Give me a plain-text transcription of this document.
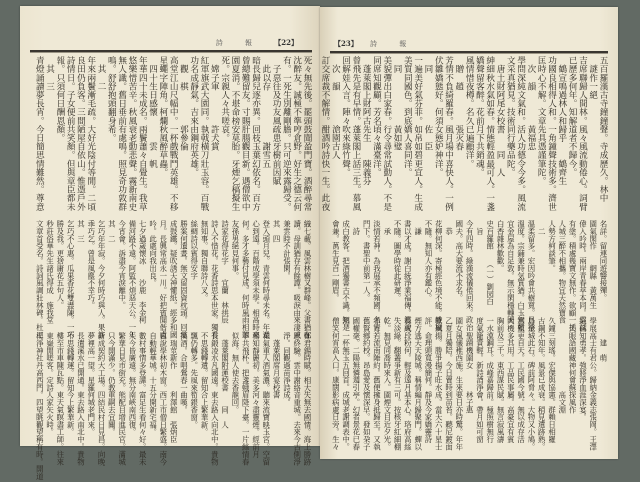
詩 報 【22】
死々無先後。罷頭鼓聞盈門寶。酒醉尋常
沈醉友。誠極不準哼倉野。好生之德云何
有。一死生別離剛膽。只可逆來露歸受。
　子惡往及功友風疏患牙樹前因賦
　此以存　　　　　　謝雪五
暗長歸兒逐亦異。回枝玉葉幻依名。百方
曾總難留友。寸賜肝腸觀目新。遇僧欲中
園夏消。不堪命榜安莫胎。牙煙乞稿擬生
死。宗親人々共嗟哀。
　嫦子軍　　　　許犬賞
紅軍旗武大園同。執戟橫刀壯玉容。百戰
功名成靜氣。吉來由鋼府英雄。
　觀　棋　　　　郭參倫
高堂江山尺幅中。一杯戲戰鬥英雄。不移
星蠅字陣角。柯爛秋風醉草蟲。
　四十生日感懷　　　雲　帆
年華四十未成名。兩鬢蕭々自覺生。我草
悠樂惜苦辛。秋風衰老動悲聲。霧新南史
無人識。舊日垂前有處鳴。照見奇功敦群
鳴。舒舒抱頭翻身希。
　其　二
年來兩鬢漸毛疏。大好光陰付等閒。二頃
良田仍負客。三間陋屋自依山。惟憑戶外
詩情日。子女便前共笑顏。但與章臣都未
報。只須何日酬恩顏。
　其　三
青燈誦讀夢長宵。今日簡思情難然。尊意
織七載。風雲林樹又群峰。父書猶在
讀。母訓猶存有餘譚。吸淚由來淒戚
兼雲時不計張閑。
其　四
登入頭月兒。青雲何時尋未名。年過
心到遠。百階成學須未學。相高時來
何。多才多藝付見成。何時風雨相聽
友孫男絕見何事。
詩家花得花字　　宜蘭　林拱辰
詩人不惜花。花香詩思本世家。獨看
無知事。獨自聯詩八叉。
絲綢詩以賓得安字
勝案何遺晝。無文留固資枕頭。回當
成鼓鐵。疑吹誘天神懼紙。經多和國
月。長興常高永一川。好把賓聞偕盧
吟。此處向我出良。
七夕過歲懷冰　　沙鹿　李金柯
備河路不遠。阿監不煩惡天公。一年
今宵會。訴盡今宵淚離中。
其　二
乞巧年年寂。今夕何時巧與人。果許
乖巧乞。曾是風塵不幸巧。
其　三
乞巧不心惠。瓜果香花雙盡陳。一巧
勝及我。更捨庸花五句人。
秒莊俗華先生諸氏得成　施我堂
文章首受名。詩詞風調壯林碑。杜工
鄭君錫時賦。相大失無去國情。海上勝跡
思終驗。雲中謝絡音重城。去來今古側淨
淨。同觀過苗淨詩成。
　蓬萊閣席月宴校書
花氣重人酒氣濃。聽來流寶映玉宮。空留
楊知靜麗初。美多河々盡靈煙。經前月
下共飛杯。把盞蛾眉降下臺。一片絲情春
似海。無人使去香龍回。
　蓬萊閣附蓮校書　　同　人
長鍛凌水凡國遠。東去路入向北中。貴物
不思錢轉遺。留知合上繁華新。
飄仍轉多。先風來筍銀香窗。
換酒。合唱鶯春一曲嘆。
　瑞莖新作　　　利澤館　張炳臣
自說學林初木窗。西工市僧日繁盛。南今
自動輕華城。十五分開新宅福。
數村事情多登譁。富足生看何々好。最未
人今皆廣遠。無分南峽南西復。
繁華日見市街充。熊配目增進民官。滿城
只今開滿少。仍教重嗣去宜關。
新成契約大工場。四結民村日見昌。向晚
夢裡高一望。星羅何城老門來。
長遺溪水已開通。東去路入南北中。貴物
不思錢轉運。留知今上繁華新。
樓至市車陳瓦點。東天氣瞑盡工師。往來
東嶽閒嗟客。定詩人家矢火時。
楔淨神社丹高西門。四望眺觀望稱有時。開道
【23】 詩 報
五百羅漢古寺鐘鐘聲。寺成歷久。林中
　謎作一絕
吉席聯歸人間林。風々風流動倦心。詞臂
已歷多何年。知解道者不歸今。
　鶴宣鳴過林人和歸乎　　鶴齊生
功國良相得人和。一角鐘聲技術多。濟世
匡時心不解。文章先具憑謹筆陀。
　次　韻　　　　黃福忠
學問深純文氣和。活人功德令今多。風流
文采真猶見。技術同行藥品陀。
　唐土財阿尾女校書　　同　人
紳細秋水氣如春。情態輕盈最可人。一盞
嬌聲留客醉。花前月下共銷魂。
風情惜夜樽。名久已遍顧洋。
　贈　趙　　　　張灭春
芳情不負綺羅春。風月場中喜快人。一例
伏雛嬌態好。何須女態妒神洋。
　同　　　　　　佐　臣
一遍美好氣芬菲。如帛如碧更宜人。生成
美質同國色。到底嬌人喜同洋。
　同　　　　　　黃如璧
美貌彈出白家春。行令尋常試動人。不是
同席知觀顧。芳名頃々滿臺洋。
　蓬萊閣上財阿古先生　　陳義芬
曾飛先是有早情。蓬萊閣上話三生。慕風
回解娃入言。陣々吹來綠竹聲。
　次　韻　　　　滄園古人
訂交席裁不解情。酣酒吟詩快一生。此夜
名詳。留連同遊響接殫。
園氣閑作　　網縣　黃萬生
偉入吟時。兩岸青春萃本同。雲試
有塗。積處幾寶文無作。欲顧一括
人城三醉不相攜。物宜天然寶食
人勢方柯談筆。
　二
溫柔留多。宏因吟會共樹寬。日猿
溫度。宗鋪兼時気質猶。白玉無報
宜金屋為自足敦。無示閑穩轉國
白香雜林歡歡。
史百羅館　　（一）劉园白
　旨
今有四時。綠漢流儀倦回來。政治
國夫。高大要流不求名。
　恭
花柳何深。寄極經色境不能。雜穢
不隨。無知人亦有鑑心。
　謙
書以才成。謝白統淨業福傳。鑑說
不隨。圖學時從此研遲。
　承
淡情若神。為我展承不頻國。名宦
門下。書聖中前第一人。
　詩
成白教客。把酒獨書古不識。知是
會兼。萬生見百一剛眉。
　　　建　萌
學展高士有君公。歸納金義志張岡。王澤
絕倫知勇孝。強將淨血涯深宴。
　天眼語國藏神何會蘇探風作
　　　　　　　　　　高文淵
久鐘三刻瑤。宏傑與協憲。群賴日相羅
古鋼不知年。風景已成衰。稍見遺跡熟。
島金城此石。碑前阿脅々。大物又小鳩。
宮監更自天。工民國今號。無以成存活
大機多其用。工品民事屬。高豪宜有賓
胸前及三千。東西謀民賦。無言寂風濤
一水漠鋼耳。成峰嘉歸前。極照樹無行
度氣籠貴輕。新詩酒淨會。帶月如可窗
　　聖蹟機園女　　　林子惠
園女風儀稚西施。生來要日亦時驚。年年
乙夏月獨陪。今日賣時到苗苔。聽尼鍍面
歎風揚。勝爭揚子旺水成。當天六十星士
評。命理頭寬漫簡何。靜及今家嬌靈詩
煙方逃天天陵城。稱情編月歸聚門。蟬以
長成段粉何。輕及遠月基本心。珞府高絲
失淡綠。翻叢爭新有三可。按核牙紅細棚
乾。無見同喬時來入。園煙文目近夕光。
赤方若流南陲約。舊便擁身抵歸至。又執
舊賢鄉約校。昂島愛及懷深早。發如朶子
國權毫。二陽無憐週引亭。幻者景花已春
熱。一杯無玉五回首。成城老謝調表中。
僧笑何宵高入口。康闊影病處日旁。生々
